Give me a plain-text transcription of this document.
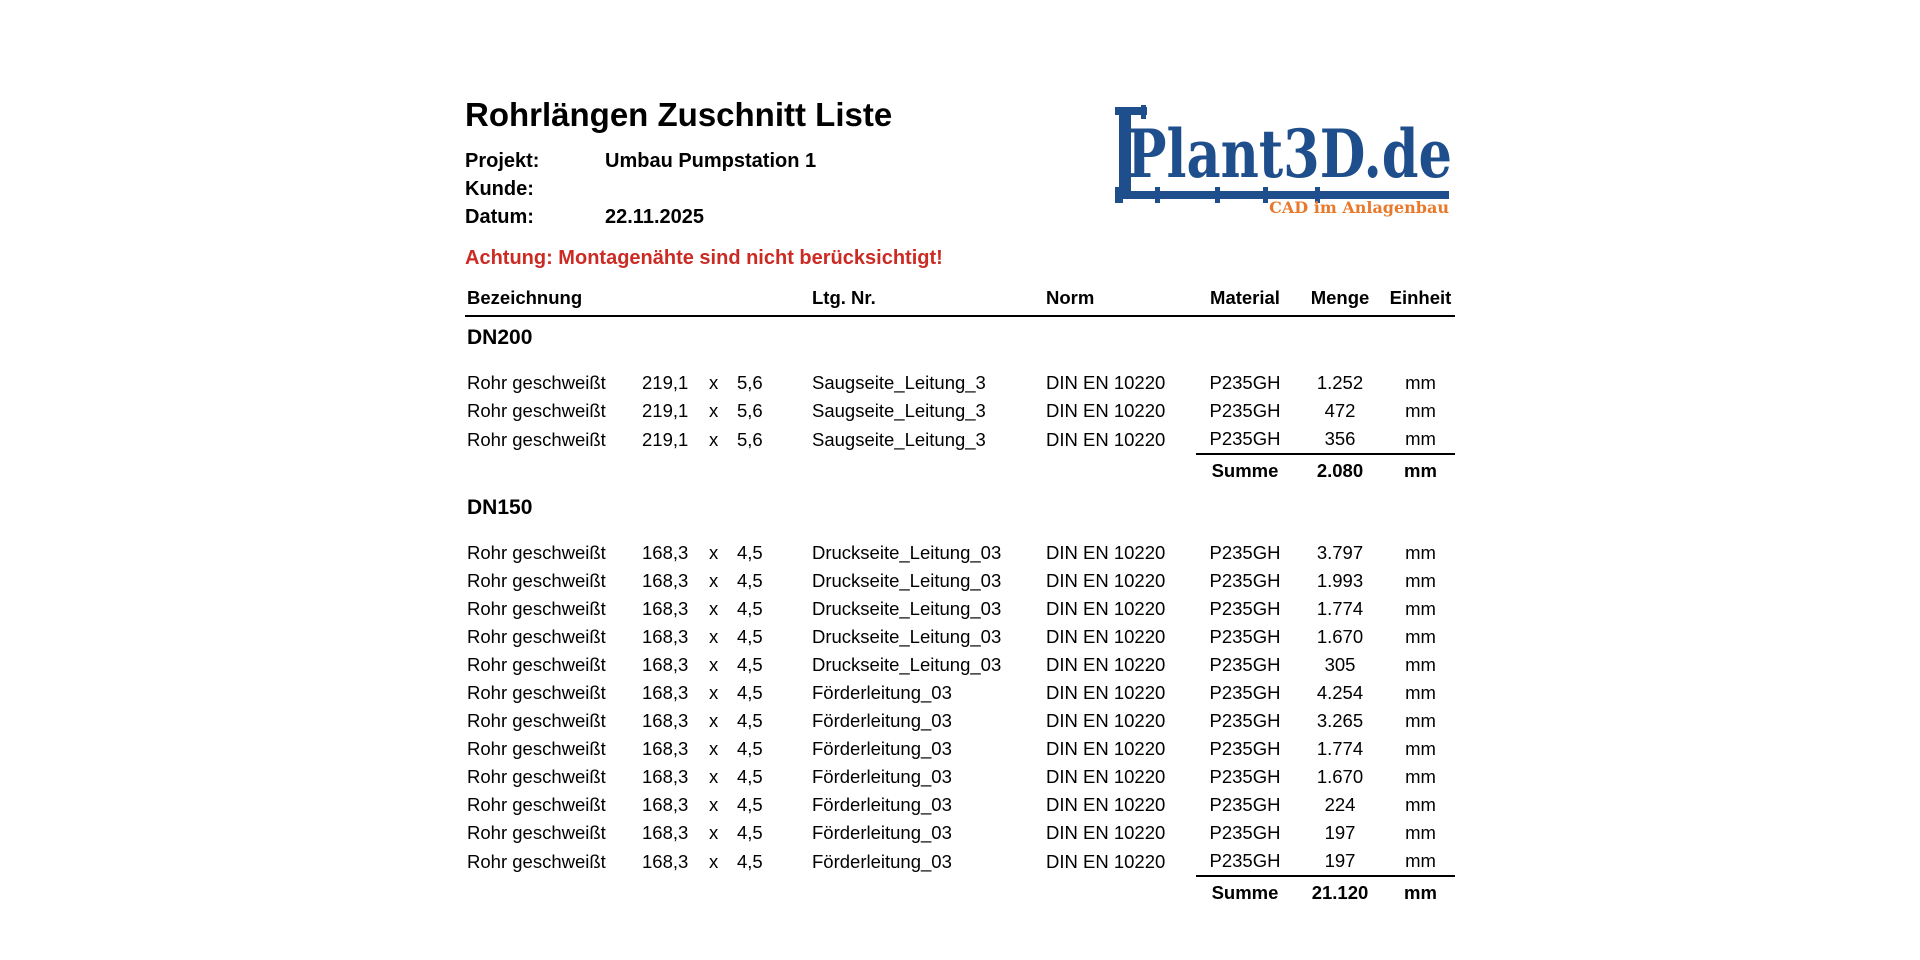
Rohrlängen Zuschnitt Liste
Projekt:	Umbau Pumpstation 1
Kunde:
Datum:	22.11.2025
Achtung: Montagenähte sind nicht berücksichtigt!
Plant3D.de
CAD im Anlagenbau
Bezeichnung				Ltg. Nr.	Norm	Material	Menge	Einheit
DN200								

Rohr geschweißt	219,1	x	5,6	Saugseite_Leitung_3	DIN EN 10220	P235GH	1.252	mm
Rohr geschweißt	219,1	x	5,6	Saugseite_Leitung_3	DIN EN 10220	P235GH	472	mm
Rohr geschweißt	219,1	x	5,6	Saugseite_Leitung_3	DIN EN 10220	P235GH	356	mm
						Summe	2.080	mm
DN150								

Rohr geschweißt	168,3	x	4,5	Druckseite_Leitung_03	DIN EN 10220	P235GH	3.797	mm
Rohr geschweißt	168,3	x	4,5	Druckseite_Leitung_03	DIN EN 10220	P235GH	1.993	mm
Rohr geschweißt	168,3	x	4,5	Druckseite_Leitung_03	DIN EN 10220	P235GH	1.774	mm
Rohr geschweißt	168,3	x	4,5	Druckseite_Leitung_03	DIN EN 10220	P235GH	1.670	mm
Rohr geschweißt	168,3	x	4,5	Druckseite_Leitung_03	DIN EN 10220	P235GH	305	mm
Rohr geschweißt	168,3	x	4,5	Förderleitung_03	DIN EN 10220	P235GH	4.254	mm
Rohr geschweißt	168,3	x	4,5	Förderleitung_03	DIN EN 10220	P235GH	3.265	mm
Rohr geschweißt	168,3	x	4,5	Förderleitung_03	DIN EN 10220	P235GH	1.774	mm
Rohr geschweißt	168,3	x	4,5	Förderleitung_03	DIN EN 10220	P235GH	1.670	mm
Rohr geschweißt	168,3	x	4,5	Förderleitung_03	DIN EN 10220	P235GH	224	mm
Rohr geschweißt	168,3	x	4,5	Förderleitung_03	DIN EN 10220	P235GH	197	mm
Rohr geschweißt	168,3	x	4,5	Förderleitung_03	DIN EN 10220	P235GH	197	mm
						Summe	21.120	mm
